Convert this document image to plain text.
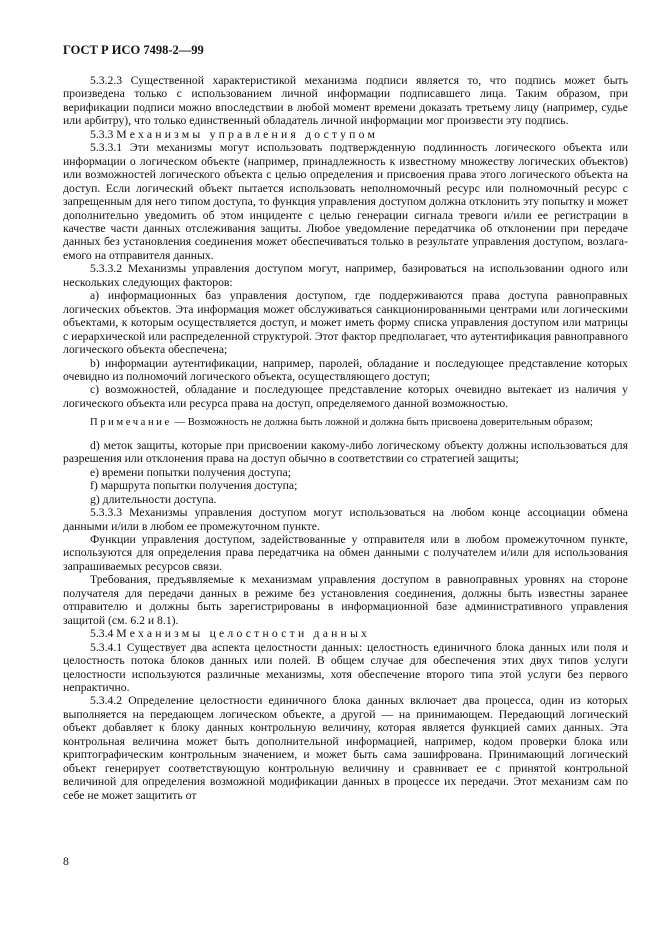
ГОСТ Р ИСО 7498-2—99

5.3.2.3 Существенной характеристикой механизма подписи является то, что подпись может быть произведена только с использованием личной информации подписавшего лица. Таким образом, при верификации подписи можно впоследствии в любой момент времени доказать третьему лицу (например, судье или арбитру), что только единственный обладатель личной информации мог произвести эту подпись.

5.3.3 Механизмы управления доступом

5.3.3.1 Эти механизмы могут использовать подтвержденную подлинность логического объекта или информации о логическом объекте (например, принадлежность к известному множеству логических объектов) или возможностей логического объекта с целью определения и присвоения права этого логического объекта на доступ. Если логический объект пытается использовать неполномочный ресурс или полномочный ресурс с запрещенным для него типом доступа, то функция управления доступом должна отклонить эту попытку и может дополнительно уведомить об этом инциденте с целью генерации сигнала тревоги и/или ее регистрации в качестве части данных отслеживания защиты. Любое уведомление передатчика об отклонении при передаче данных без установления соединения может обеспечиваться только в результате управления доступом, возлагаемого на отправителя данных.

5.3.3.2 Механизмы управления доступом могут, например, базироваться на использовании одного или нескольких следующих факторов:

a) информационных баз управления доступом, где поддерживаются права доступа равноправных логических объектов. Эта информация может обслуживаться санкционированными центрами или логическими объектами, к которым осуществляется доступ, и может иметь форму списка управления доступом или матрицы с иерархической или распределенной структурой. Этот фактор предполагает, что аутентификация равноправного логического объекта обеспечена;

b) информации аутентификации, например, паролей, обладание и последующее представление которых очевидно из полномочий логического объекта, осуществляющего доступ;

c) возможностей, обладание и последующее представление которых очевидно вытекает из наличия у логического объекта или ресурса права на доступ, определяемого данной возможностью.

Примечание — Возможность не должна быть ложной и должна быть присвоена доверительным образом;

d) меток защиты, которые при присвоении какому-либо логическому объекту должны использоваться для разрешения или отклонения права на доступ обычно в соответствии со стратегией защиты;

e) времени попытки получения доступа;

f) маршрута попытки получения доступа;

g) длительности доступа.

5.3.3.3 Механизмы управления доступом могут использоваться на любом конце ассоциации обмена данными и/или в любом ее промежуточном пункте.

Функции управления доступом, задействованные у отправителя или в любом промежуточном пункте, используются для определения права передатчика на обмен данными с получателем и/или для использования запрашиваемых ресурсов связи.

Требования, предъявляемые к механизмам управления доступом в равноправных уровнях на стороне получателя для передачи данных в режиме без установления соединения, должны быть известны заранее отправителю и должны быть зарегистрированы в информационной базе административного управления защитой (см. 6.2 и 8.1).

5.3.4 Механизмы целостности данных

5.3.4.1 Существует два аспекта целостности данных: целостность единичного блока данных или поля и целостность потока блоков данных или полей. В общем случае для обеспечения этих двух типов услуги целостности используются различные механизмы, хотя обеспечение второго типа этой услуги без первого непрактично.

5.3.4.2 Определение целостности единичного блока данных включает два процесса, один из которых выполняется на передающем логическом объекте, а другой — на принимающем. Передающий логический объект добавляет к блоку данных контрольную величину, которая является функцией самих данных. Эта контрольная величина может быть дополнительной информацией, например, кодом проверки блока или криптографическим контрольным значением, и может быть сама зашифрована. Принимающий логический объект генерирует соответствующую контрольную величину и сравнивает ее с принятой контрольной величиной для определения возможной модификации данных в процессе их передачи. Этот механизм сам по себе не может защитить от

8
